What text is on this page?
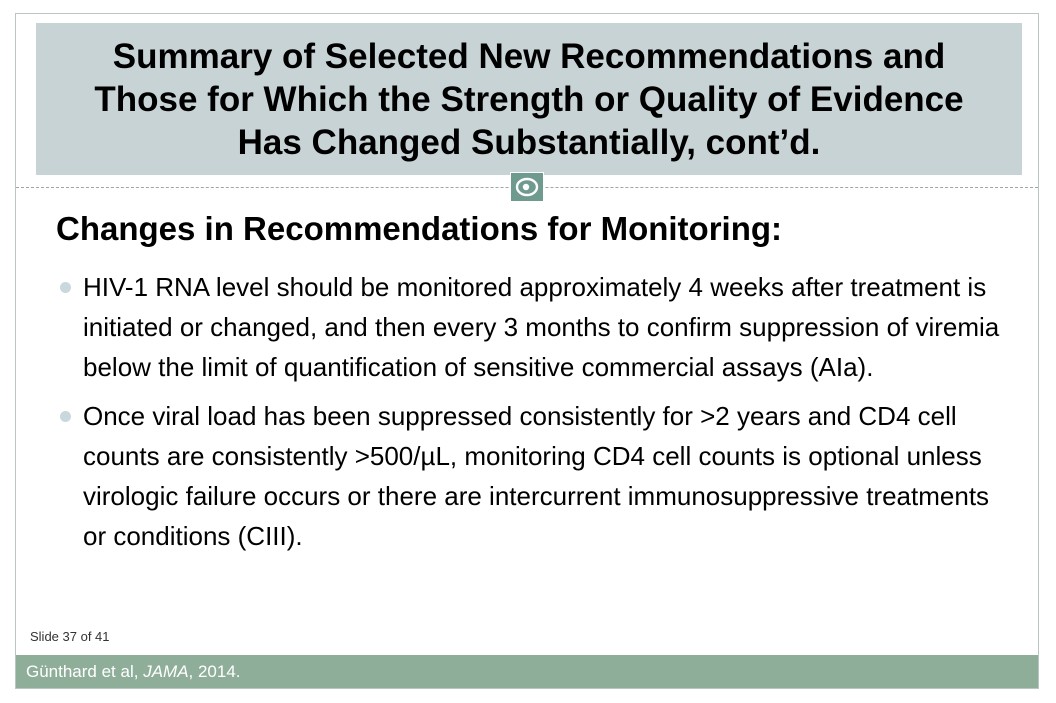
Summary of Selected New Recommendations and
Those for Which the Strength or Quality of Evidence
Has Changed Substantially, cont’d.
Changes in Recommendations for Monitoring:
HIV-1 RNA level should be monitored approximately 4 weeks after treatment is initiated or changed, and then every 3 months to confirm suppression of viremia below the limit of quantification of sensitive commercial assays (AIa).
Once viral load has been suppressed consistently for >2 years and CD4 cell counts are consistently >500/µL, monitoring CD4 cell counts is optional unless virologic failure occurs or there are intercurrent immunosuppressive treatments or conditions (CIII).
Slide 37 of 41
Günthard et al, JAMA, 2014.
